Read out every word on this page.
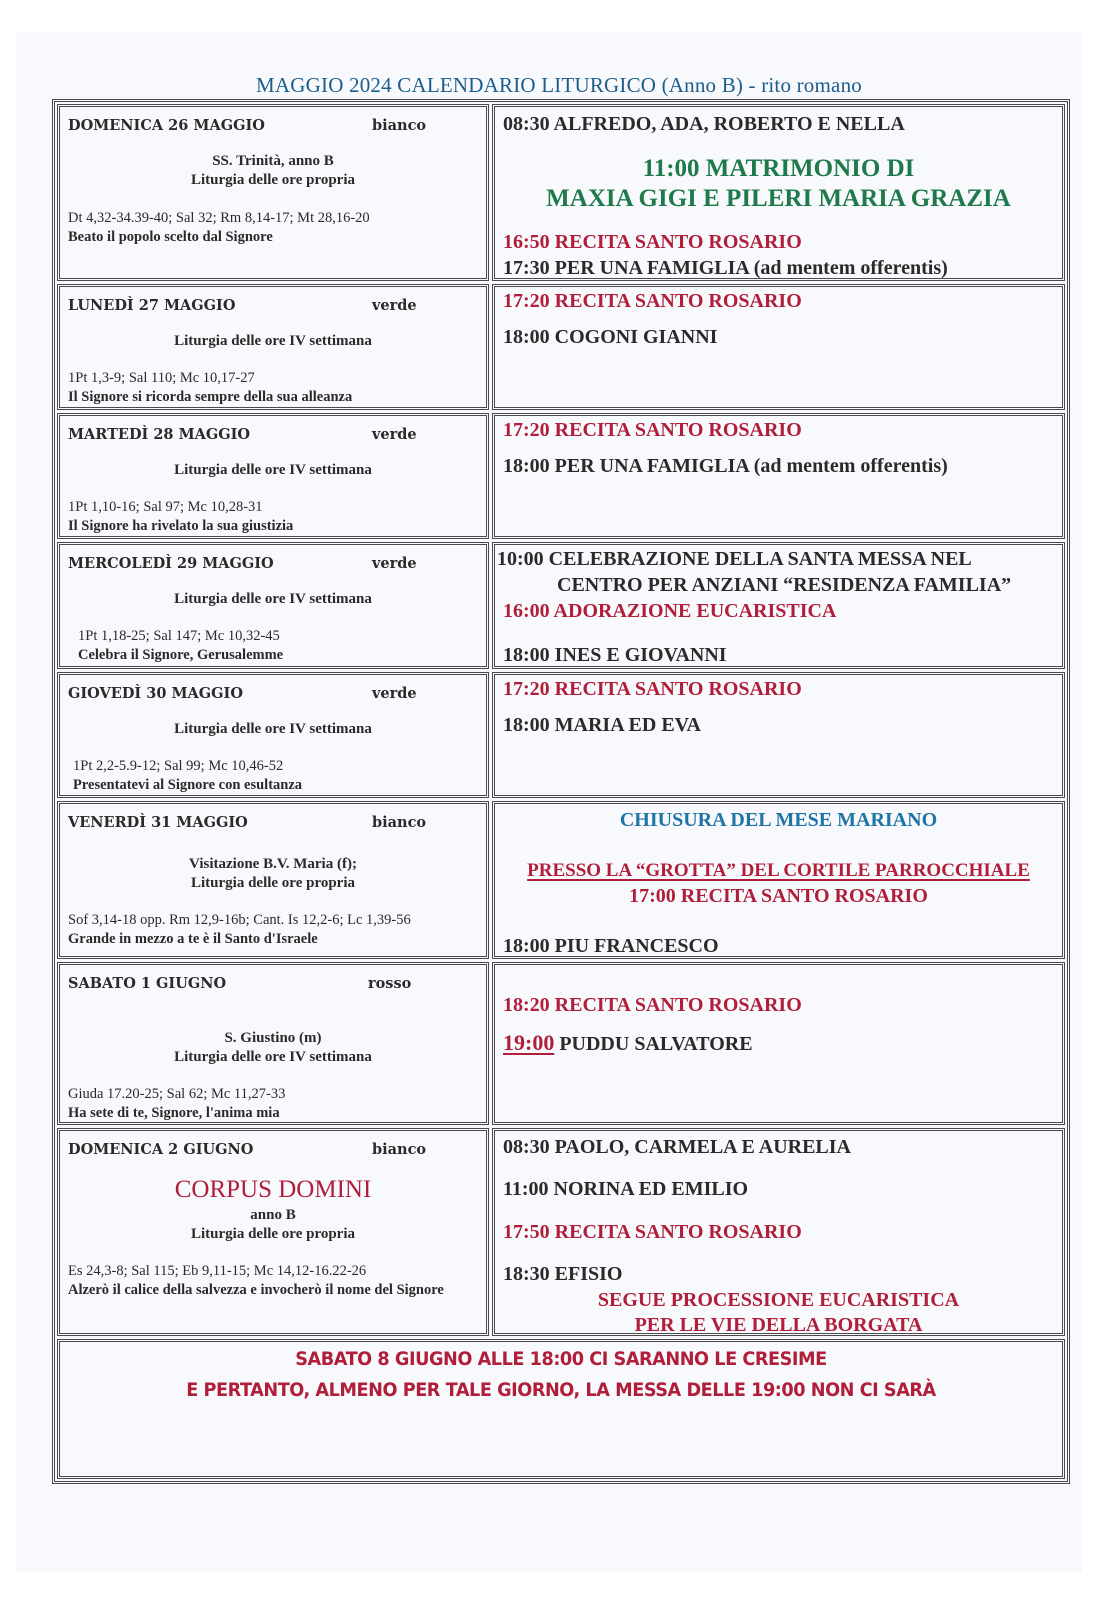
MAGGIO 2024 CALENDARIO LITURGICO (Anno B) - rito romano
DOMENICA 26 MAGGIO	bianco
SS. Trinità, anno B
Liturgia delle ore propria
Dt 4,32-34.39-40; Sal 32; Rm 8,14-17; Mt 28,16-20
Beato il popolo scelto dal Signore
08:30 ALFREDO, ADA, ROBERTO E NELLA
11:00 MATRIMONIO DI
MAXIA GIGI E PILERI MARIA GRAZIA
16:50 RECITA SANTO ROSARIO
17:30 PER UNA FAMIGLIA (ad mentem offerentis)
LUNEDÌ 27 MAGGIO	verde
Liturgia delle ore IV settimana
1Pt 1,3-9; Sal 110; Mc 10,17-27
Il Signore si ricorda sempre della sua alleanza
17:20 RECITA SANTO ROSARIO
18:00 COGONI GIANNI
MARTEDÌ 28 MAGGIO	verde
Liturgia delle ore IV settimana
1Pt 1,10-16; Sal 97; Mc 10,28-31
Il Signore ha rivelato la sua giustizia
17:20 RECITA SANTO ROSARIO
18:00 PER UNA FAMIGLIA (ad mentem offerentis)
MERCOLEDÌ 29 MAGGIO	verde
Liturgia delle ore IV settimana
1Pt 1,18-25; Sal 147; Mc 10,32-45
Celebra il Signore, Gerusalemme
10:00 CELEBRAZIONE DELLA SANTA MESSA NEL
CENTRO PER ANZIANI “RESIDENZA FAMILIA”
16:00 ADORAZIONE EUCARISTICA
18:00 INES E GIOVANNI
GIOVEDÌ 30 MAGGIO	verde
Liturgia delle ore IV settimana
1Pt 2,2-5.9-12; Sal 99; Mc 10,46-52
Presentatevi al Signore con esultanza
17:20 RECITA SANTO ROSARIO
18:00 MARIA ED EVA
VENERDÌ 31 MAGGIO	bianco
Visitazione B.V. Maria (f);
Liturgia delle ore propria
Sof 3,14-18 opp. Rm 12,9-16b; Cant. Is 12,2-6; Lc 1,39-56
Grande in mezzo a te è il Santo d'Israele
CHIUSURA DEL MESE MARIANO
PRESSO LA “GROTTA” DEL CORTILE PARROCCHIALE
17:00 RECITA SANTO ROSARIO
18:00 PIU FRANCESCO
SABATO 1 GIUGNO	rosso
S. Giustino (m)
Liturgia delle ore IV settimana
Giuda 17.20-25; Sal 62; Mc 11,27-33
Ha sete di te, Signore, l'anima mia
18:20 RECITA SANTO ROSARIO
19:00 PUDDU SALVATORE
DOMENICA 2 GIUGNO	bianco
CORPUS DOMINI
anno B
Liturgia delle ore propria
Es 24,3-8; Sal 115; Eb 9,11-15; Mc 14,12-16.22-26
Alzerò il calice della salvezza e invocherò il nome del Signore
08:30 PAOLO, CARMELA E AURELIA
11:00 NORINA ED EMILIO
17:50 RECITA SANTO ROSARIO
18:30 EFISIO
SEGUE PROCESSIONE EUCARISTICA
PER LE VIE DELLA BORGATA
SABATO 8 GIUGNO ALLE 18:00 CI SARANNO LE CRESIME
E PERTANTO, ALMENO PER TALE GIORNO, LA MESSA DELLE 19:00 NON CI SARÀ
